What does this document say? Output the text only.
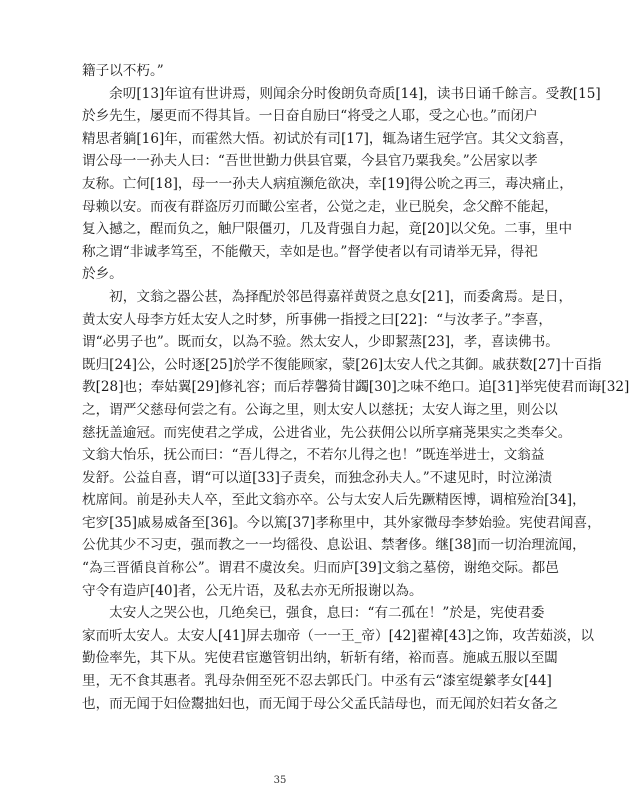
籍子以不朽。”
　　余叨[13]年谊有世讲焉，则闻余分时俊朗负奇质[14]，读书日诵千餘言。受教[15]
於乡先生，屡更而不得其旨。一日奋自励曰“将受之人耶，受之心也。”而闭户
精思者躺[16]年，而霍然大悟。初试於有司[17]，辄為诸生冠学宫。其父文翁喜，
谓公母一一孙夫人曰：“吾世世勤力供县官粟，今县官乃粟我矣。”公居家以孝
友称。亡何[18]，母一一孙夫人病疽濒危欲决，幸[19]得公吮之再三，毒决痛止，
母赖以安。而夜有群盗厉刃而瞰公室者，公觉之走，业已脱矣，念父醉不能起，
复入撼之，酲而负之，触尸限僵刃，几及背强自力起，竟[20]以父免。二事，里中
称之谓“非诚孝笃至，不能儆天，幸如是也。”督学使者以有司请举无异，得祀
於乡。
　　初，文翁之器公甚，為择配於邻邑得嘉祥黄贤之息女[21]，而委禽焉。是日，
黄太安人母李方妊太安人之时梦，所事佛一指授之曰[22]：“与汝孝子。”李喜，
谓“必男子也”。既而女，以為不验。然太安人，少即絜蒸[23]，孝，喜读佛书。
既归[24]公，公时逐[25]於学不復能顾家，蒙[26]太安人代之其御。戚获数[27]十百指
教[28]也；奉姑翼[29]修礼容；而后荐馨猗甘蠲[30]之味不绝口。追[31]举宪使君而诲[32]
之，谓严父慈母何尝之有。公诲之里，则太安人以慈抚；太安人诲之里，则公以
慈抚盖逾冠。而宪使君之学成，公进省业，先公获佣公以所享痛荛果实之类奉父。
文翁大怡乐，抚公而曰：“吾儿得之，不若尔儿得之也！”既连举进士，文翁益
发舒。公益自喜，谓“可以道[33]子责矣，而独念孙夫人。”不逮见时，时泣涕渍
枕席间。前是孙夫人卒，至此文翁亦卒。公与太安人后先蹶精医博，调棺殓治[34]，
宅穸[35]戚易威备至[36]。今以篤[37]孝称里中，其外家微母李梦始验。宪使君闻喜，
公优其少不习吏，强而教之一一均徭役、息讼诅、禁奢侈。继[38]而一切治理流闻，
“為三晋循良首称公”。谓君不虞汝矣。归而庐[39]文翁之墓傍，谢绝交际。都邑
守令有造庐[40]者，公无片语，及私去亦无所报谢以為。
　　太安人之哭公也，几绝矣已，强食，息曰：“有二孤在！”於是，宪使君委
家而听太安人。太安人[41]屏去珈帝（一一王_帝）[42]翟褘[43]之饰，攻苦茹淡，以
勤俭率先，其下从。宪使君宦邀管钥出纳，斩斩有绪，裕而喜。施戚五服以至闆
里，无不食其惠者。乳母杂佣至死不忍去郭氏门。中丞有云“漆室缇縈孝女[44]
也，而无闻于妇俭鬻拙妇也，而无闻于母公父孟氏詰母也，而无闻於妇若女备之
35
